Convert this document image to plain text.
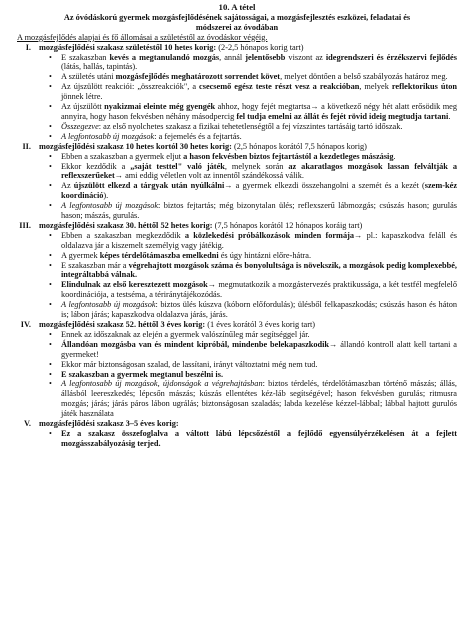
10. A tétel
Az óvódáskorú gyermek mozgásfejlődésének sajátosságai, a mozgásfejlesztés eszközei, feladatai és
módszerei az óvodában
A mozgásfejlődés alapjai és fő állomásai a születéstől az óvodáskor végéig.
I. mozgásfejlődési szakasz születéstől 10 hetes korig: (2-2,5 hónapos korig tart)
• E szakaszban kevés a megtanulandó mozgás, annál jelentősebb viszont az idegrendszeri és érzékszervi fejlődés (látás, hallás, tapintás).
• A születés utáni mozgásfejlődés meghatározott sorrendet követ, melyet döntően a belső szabályozás határoz meg.
• Az újszülött reakciói: „összreakciók", a csecsemő egész teste részt vesz a reakcióban, melyek reflektorikus úton jönnek létre.
• Az újszülött nyakizmai eleinte még gyengék ahhoz, hogy fejét megtartsa→ a következő négy hét alatt erősödik meg annyira, hogy hason fekvésben néhány másodpercig fel tudja emelni az állát és fejét rövid ideig megtudja tartani.
• Összegezve: az első nyolchetes szakasz a fizikai tehetetlenségtől a fej vízszintes tartásáig tartó időszak.
• A legfontosabb új mozgások: a fejemelés és a fejtartás.
II. mozgásfejlődési szakasz 10 hetes kortól 30 hetes korig: (2,5 hónapos korától 7,5 hónapos korig)
• Ebben a szakaszban a gyermek eljut a hason fekvésben biztos fejtartástól a kezdetleges mászásig.
• Ekkor kezdődik a „saját testtel" való játék, melynek során az akaratlagos mozgások lassan felváltják a reflexszerűeket→ ami eddig véletlen volt az innentől szándékossá válik.
• Az újszülött elkezd a tárgyak után nyúlkálni→ a gyermek elkezdi összehangolni a szemét és a kezét (szem-kéz koordináció).
• A legfontosabb új mozgások: biztos fejtartás; még bizonytalan ülés; reflexszerű lábmozgás; csúszás hason; gurulás hason; mászás, gurulás.
III. mozgásfejlődési szakasz 30. héttől 52 hetes korig: (7,5 hónapos korától 12 hónapos koráig tart)
• Ebben a szakaszban megkezdődik a közlekedési próbálkozások minden formája→ pl.: kapaszkodva feláll és oldalazva jár a kiszemelt személyig vagy játékig.
• A gyermek képes térdelőtámaszba emelkedni és úgy hintázni előre-hátra.
• E szakaszban már a végrehajtott mozgások száma és bonyolultsága is növekszik, a mozgások pedig komplexebbé, integráltabbá válnak.
• Elindulnak az első keresztezett mozgások→ megmutatkozik a mozgástervezés praktikussága, a két testfél megfelelő koordinációja, a testséma, a tériránytájékozódás.
• A legfontosabb új mozgások: biztos ülés kúszva (kóborn előfordulás); ülésből felkapaszkodás; csúszás hason és háton is; lábon járás; kapaszkodva oldalazva járás, járás.
IV. mozgásfejlődési szakasz 52. héttől 3 éves korig: (1 éves korától 3 éves korig tart)
• Ennek az időszaknak az elején a gyermek valószínűleg már segítséggel jár.
• Állandóan mozgásba van és mindent kipróbál, mindenbe belekapaszkodik→ állandó kontroll alatt kell tartani a gyermeket!
• Ekkor már biztonságosan szalad, de lassítani, irányt változtatni még nem tud.
• E szakaszban a gyermek megtanul beszélni is.
• A legfontosabb új mozgások, újdonságok a végrehajtásban: biztos térdelés, térdelőtámaszban történő mászás; állás, állásból leereszkedés; lépcsőn mászás; kúszás ellentétes kéz-láb segítségével; hason fekvésben gurulás; ritmusra mozgás; járás; járás páros lábon ugrálás; biztonságosan szaladás; labda kezelése kézzel-lábbal; lábbal hajtott gurulós játék használata
V. mozgásfejlődési szakasz 3–5 éves korig:
• Ez a szakasz összefoglalva a váltott lábú lépcsőzéstől a fejlődő egyensúlyérzékelésen át a fejlett mozgásszabályozásig terjed.
